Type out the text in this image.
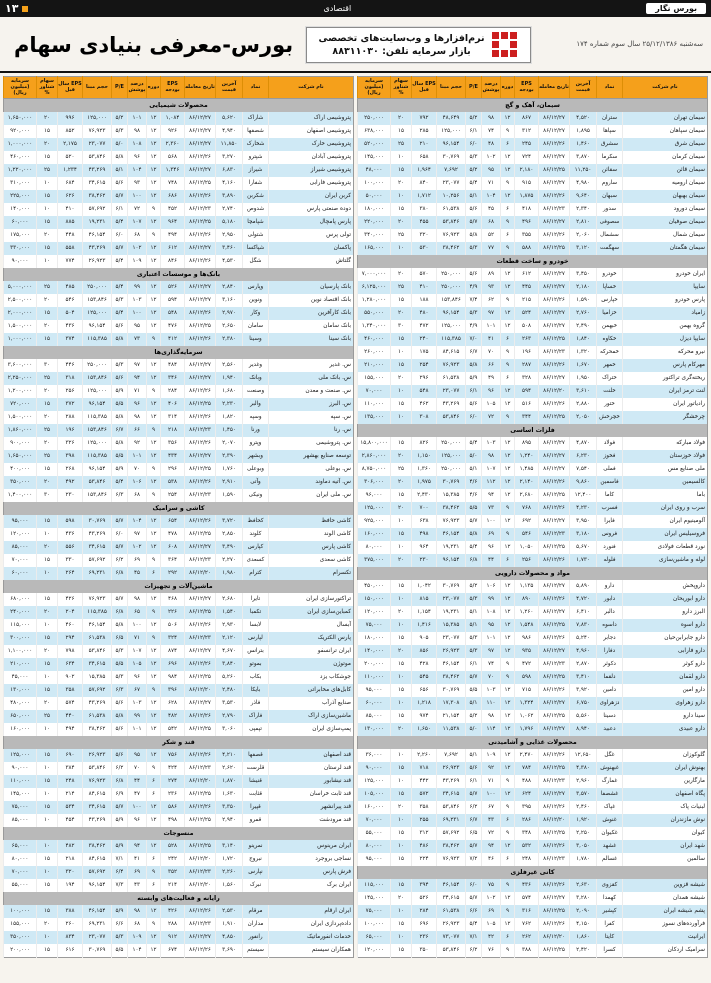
بورس نگار
اقتصادی
۱۳
سه‌شنبه ۲۵/۱۲/۱۳۸۶ سال سوم شماره ۱۷۴
نرم‌افزارها و وب‌سایت‌های تخصصی
بازار سرمایه تلفن: ۸۸۳۱۱۰۳۰
بورس-معرفی بنیادی سهام
نام شرکت	نماد	آخرین قیمت	تاریخ معامله	EPS بودجه	دوره	درصد پوشش	P/E	حجم مبنا	EPS سال قبل	سهام شناور %	سرمایه (میلیون ریال)
سیمان، آهک و گچ											
سیمان تهران	ستران	۴,۵۲۰	۸۶/۱۲/۲۷	۸۶۷	۱۲	۹۸	۵/۲	۴۸,۶۴۹	۷۹۲	۲۰	۲۵۰,۰۰۰
سیمان سپاهان	سپاها	۱,۸۹۵	۸۶/۱۲/۲۷	۳۱۲	۹	۷۴	۶/۱	۱۲۵,۰۰۰	۲۸۵	۱۵	۶۳۸,۰۰۰
سیمان شرق	سشرق	۱,۴۶۰	۸۶/۱۲/۲۶	۲۴۵	۶	۴۸	۶/۰	۹۶,۱۵۴	۲۱۰	۲۵	۵۲۰,۰۰۰
سیمان کرمان	سکرما	۳,۸۷۰	۸۶/۱۲/۲۷	۷۲۴	۱۲	۱۰۲	۵/۳	۳۰,۷۶۹	۶۵۸	۱۰	۱۴۵,۰۰۰
سیمان قائن	سقائن	۱۱,۲۵۰	۸۶/۱۲/۲۵	۲,۱۸۰	۱۲	۹۵	۵/۲	۷,۶۹۲	۱,۹۶۴	۱۵	۴۸,۰۰۰
سیمان ارومیه	ساروم	۴,۹۸۰	۸۶/۱۲/۲۷	۹۱۵	۹	۷۱	۵/۴	۲۳,۰۷۷	۸۴۰	۲۰	۱۰۰,۰۰۰
سیمان بهبهان	سبهان	۹,۶۴۰	۸۶/۱۲/۲۶	۱,۸۷۵	۱۲	۱۰۴	۵/۱	۱۰,۲۵۶	۱,۷۱۲	۱۰	۵۰,۰۰۰
سیمان دورود	سدور	۲,۳۴۰	۸۶/۱۲/۲۳	۴۱۸	۶	۴۵	۵/۶	۶۱,۵۳۸	۳۸۰	۱۵	۱۸۰,۰۰۰
سیمان صوفیان	سصوفی	۲,۸۱۰	۸۶/۱۲/۲۷	۴۹۶	۹	۶۸	۵/۷	۵۳,۸۴۶	۴۵۵	۲۰	۲۲۰,۰۰۰
سیمان شمال	سشمال	۲,۰۶۰	۸۶/۱۲/۲۶	۳۵۵	۶	۵۲	۵/۸	۷۶,۹۲۳	۳۲۰	۲۵	۳۴۰,۰۰۰
سیمان هگمتان	سهگمت	۳,۱۲۰	۸۶/۱۲/۲۵	۵۸۸	۹	۷۷	۵/۳	۳۸,۴۶۲	۵۳۰	۱۰	۱۶۵,۰۰۰
خودرو و ساخت قطعات											
ایران خودرو	خودرو	۳,۴۵۰	۸۶/۱۲/۲۷	۶۱۲	۱۲	۸۹	۵/۶	۲۵۰,۰۰۰	۵۷۰	۲۰	۷,۰۰۰,۰۰۰
سایپا	خساپا	۲,۱۸۰	۸۶/۱۲/۲۷	۴۴۵	۱۲	۹۳	۴/۹	۲۵۰,۰۰۰	۴۱۰	۲۵	۶,۱۲۵,۰۰۰
پارس خودرو	خپارس	۱,۵۹۰	۸۶/۱۲/۲۶	۲۱۵	۹	۶۲	۷/۴	۱۵۳,۸۴۶	۱۸۸	۱۵	۱,۲۸۰,۰۰۰
زامیاد	خزامیا	۲,۷۶۰	۸۶/۱۲/۲۷	۵۲۴	۱۲	۹۷	۵/۳	۹۶,۱۵۴	۴۸۰	۲۰	۵۵۰,۰۰۰
گروه بهمن	خبهمن	۲,۴۹۰	۸۶/۱۲/۲۷	۵۰۸	۱۲	۱۰۱	۴/۹	۱۲۵,۰۰۰	۴۷۲	۳۰	۱,۳۴۰,۰۰۰
سایپا دیزل	خکاوه	۱,۸۴۰	۸۶/۱۲/۲۵	۲۶۳	۶	۴۱	۷/۰	۱۱۵,۳۸۵	۲۴۰	۱۵	۴۶۰,۰۰۰
نیرو محرکه	خمحرکه	۱,۳۲۰	۸۶/۱۲/۲۳	۱۹۶	۹	۷۰	۶/۷	۸۴,۶۱۵	۱۷۵	۱۰	۲۶۰,۰۰۰
مهرکام پارس	خمهر	۱,۶۷۰	۸۶/۱۲/۲۶	۲۸۷	۹	۶۶	۵/۸	۷۶,۹۲۳	۲۵۴	۱۵	۲۱۰,۰۰۰
ریخته‌گری تراکتور	ختراک	۱,۹۵۰	۸۶/۱۲/۲۷	۳۲۸	۶	۴۹	۵/۹	۶۱,۵۳۸	۲۹۶	۲۰	۱۵۵,۰۰۰
لنت ترمز ایران	خلنت	۳,۶۱۰	۸۶/۱۲/۲۰	۵۹۴	۱۲	۹۶	۶/۱	۲۳,۰۷۷	۵۴۸	۱۰	۷۰,۰۰۰
رادیاتور ایران	ختور	۲,۸۸۰	۸۶/۱۲/۲۶	۵۱۶	۱۲	۱۰۵	۵/۶	۴۳,۲۶۹	۴۶۲	۱۵	۱۱۰,۰۰۰
چرخشگر	خچرخش	۲,۰۵۰	۸۶/۱۲/۲۵	۳۴۴	۹	۷۲	۶/۰	۵۳,۸۴۶	۳۰۸	۱۰	۱۳۵,۰۰۰
فلزات اساسی											
فولاد مبارکه	فولاد	۴,۸۷۰	۸۶/۱۲/۲۷	۸۹۵	۱۲	۱۰۳	۵/۴	۲۵۰,۰۰۰	۸۲۶	۱۵	۱۵,۸۰۰,۰۰۰
فولاد خوزستان	فخوز	۶,۲۳۰	۸۶/۱۲/۲۷	۱,۲۴۰	۱۲	۹۸	۵/۰	۱۲۵,۰۰۰	۱,۱۵۰	۲۰	۲,۸۶۰,۰۰۰
ملی صنایع مس	فملی	۷,۵۴۰	۸۶/۱۲/۲۷	۱,۴۸۵	۱۲	۱۰۷	۵/۱	۲۵۰,۰۰۰	۱,۳۶۰	۲۵	۸,۷۵۰,۰۰۰
کالسیمین	فاسمین	۹,۸۶۰	۸۶/۱۲/۲۶	۲,۱۴۰	۱۲	۱۱۲	۴/۶	۳۰,۷۶۹	۱,۹۷۵	۲۰	۳۰۶,۰۰۰
باما	کاما	۱۲,۴۰۰	۸۶/۱۲/۲۵	۲,۶۸۰	۱۲	۹۴	۴/۶	۱۵,۳۸۵	۲,۴۳۰	۱۵	۹۶,۰۰۰
سرب و روی ایران	فسرب	۴,۲۳۰	۸۶/۱۲/۲۶	۷۶۸	۹	۷۳	۵/۵	۳۸,۴۶۲	۷۰۰	۲۰	۱۲۵,۰۰۰
آلومینیوم ایران	فایرا	۳,۹۵۰	۸۶/۱۲/۲۷	۶۹۲	۱۲	۱۰۰	۵/۷	۷۶,۹۲۳	۶۳۸	۱۰	۹۲۵,۰۰۰
فروسیلیس ایران	فروس	۳,۱۸۰	۸۶/۱۲/۲۳	۵۴۶	۹	۶۹	۵/۸	۴۶,۱۵۴	۴۹۸	۱۵	۱۶۰,۰۰۰
نورد قطعات فولادی	فنورد	۵,۶۷۰	۸۶/۱۲/۲۵	۱,۰۵۰	۱۲	۹۶	۵/۴	۱۹,۲۳۱	۹۶۴	۱۰	۸۰,۰۰۰
لوله و ماشین‌سازی	فلوله	۱,۷۳۰	۸۶/۱۲/۲۶	۲۵۶	۶	۴۴	۶/۸	۹۶,۱۵۴	۲۳۰	۲۰	۳۷۵,۰۰۰
مواد و محصولات دارویی											
داروپخش	دارو	۵,۸۹۰	۸۶/۱۲/۲۷	۱,۱۳۵	۱۲	۱۰۶	۵/۲	۳۰,۷۶۹	۱,۰۴۲	۱۵	۴۵۰,۰۰۰
دارو ابوریحان	دابور	۴,۷۲۰	۸۶/۱۲/۲۶	۸۹۰	۱۲	۹۹	۵/۳	۲۳,۰۷۷	۸۱۵	۱۰	۱۵۰,۰۰۰
البرز دارو	دالبر	۶,۴۱۰	۸۶/۱۲/۲۷	۱,۲۶۰	۱۲	۱۰۸	۵/۱	۱۹,۲۳۱	۱,۱۵۴	۲۰	۱۲۰,۰۰۰
دارو اسوه	داسوه	۷,۸۳۰	۸۶/۱۲/۲۵	۱,۵۴۸	۱۲	۹۵	۵/۱	۱۵,۳۸۵	۱,۴۱۶	۱۰	۷۵,۰۰۰
دارو جابرابن‌حیان	دجابر	۵,۲۴۰	۸۶/۱۲/۲۶	۹۸۶	۱۲	۱۰۱	۵/۳	۲۳,۰۷۷	۹۰۵	۱۵	۱۸۰,۰۰۰
دارو فارابی	دفارا	۴,۹۶۰	۸۶/۱۲/۲۷	۹۳۵	۱۲	۹۷	۵/۳	۲۶,۹۲۳	۸۵۶	۲۰	۱۴۰,۰۰۰
دارو کوثر	دکوثر	۲,۸۷۰	۸۶/۱۲/۲۳	۴۷۲	۹	۷۴	۶/۱	۴۶,۱۵۴	۴۲۸	۱۵	۲۰۰,۰۰۰
دارو لقمان	دلقما	۳,۴۱۰	۸۶/۱۲/۲۵	۵۹۸	۹	۷۰	۵/۷	۳۸,۴۶۲	۵۴۵	۱۰	۱۱۰,۰۰۰
دارو امین	دامین	۳,۹۲۰	۸۶/۱۲/۲۶	۷۱۵	۱۲	۱۰۳	۵/۵	۳۰,۷۶۹	۶۵۶	۱۵	۹۵,۰۰۰
دارو زهراوی	دزهراوی	۶,۷۵۰	۸۶/۱۲/۲۷	۱,۳۲۴	۱۲	۱۱۰	۵/۱	۱۷,۳۰۸	۱,۲۱۸	۱۰	۶۰,۰۰۰
سینا دارو	دسینا	۵,۵۶۰	۸۶/۱۲/۲۵	۱,۰۶۲	۱۲	۹۸	۵/۲	۲۱,۱۵۴	۹۷۴	۱۵	۸۵,۰۰۰
دارو عبیدی	دعبید	۸,۹۴۰	۸۶/۱۲/۲۷	۱,۷۹۶	۱۲	۱۱۴	۵/۰	۱۱,۵۳۸	۱,۶۵۰	۲۰	۱۳۰,۰۰۰
محصولات غذایی و آشامیدنی											
گلوکوزان	غگل	۱۲,۶۵۰	۸۶/۱۲/۲۶	۲,۴۷۰	۱۲	۱۰۹	۵/۱	۷,۶۹۲	۲,۲۶۰	۱۰	۳۶,۰۰۰
بهنوش ایران	غبهنوش	۴,۳۸۰	۸۶/۱۲/۲۵	۷۸۴	۱۲	۹۲	۵/۶	۲۶,۹۲۳	۷۱۸	۱۵	۹۰,۰۰۰
مارگارین	غمارگ	۲,۹۶۰	۸۶/۱۲/۲۳	۴۸۸	۹	۷۱	۶/۱	۴۳,۲۶۹	۴۴۲	۱۰	۱۲۵,۰۰۰
پگاه اصفهان	غشصفا	۳,۵۷۰	۸۶/۱۲/۲۷	۶۲۴	۱۲	۱۰۰	۵/۷	۳۴,۶۱۵	۵۷۲	۱۵	۱۰۵,۰۰۰
لبنیات پاک	غپاک	۲,۴۶۰	۸۶/۱۲/۲۶	۳۹۵	۹	۶۷	۶/۲	۵۳,۸۴۶	۳۵۸	۲۰	۱۶۰,۰۰۰
نوش مازندران	غنوش	۱,۹۲۰	۸۶/۱۲/۲۰	۲۸۶	۶	۴۳	۶/۷	۶۹,۲۳۱	۲۵۵	۱۰	۷۰,۰۰۰
کیوان	غکیوان	۲,۲۵۰	۸۶/۱۲/۲۵	۳۴۸	۹	۷۲	۶/۵	۵۷,۶۹۲	۳۱۲	۱۵	۵۵,۰۰۰
شهد ایران	غشهد	۳,۰۵۰	۸۶/۱۲/۲۶	۵۳۲	۱۲	۹۴	۵/۷	۳۸,۴۶۲	۴۸۶	۱۰	۸۰,۰۰۰
سالمین	غسالم	۱,۷۸۰	۸۶/۱۲/۲۳	۲۴۸	۶	۴۶	۷/۲	۷۶,۹۲۳	۲۲۴	۱۵	۹۵,۰۰۰
کانی غیرفلزی											
شیشه قزوین	کقزوی	۲,۶۳۰	۸۶/۱۲/۲۶	۴۳۶	۹	۷۵	۶/۰	۴۶,۱۵۴	۳۹۴	۱۵	۱۱۵,۰۰۰
شیشه همدان	کهمدا	۳,۲۸۰	۸۶/۱۲/۲۷	۵۷۴	۱۲	۱۰۲	۵/۷	۳۴,۶۱۵	۵۲۶	۲۰	۱۴۵,۰۰۰
پشم شیشه ایران	کپشیر	۲,۰۹۰	۸۶/۱۲/۲۵	۳۱۶	۹	۶۹	۶/۶	۶۱,۵۳۸	۲۸۴	۱۰	۷۵,۰۰۰
فرآورده‌های نسوز	کفرا	۴,۱۵۰	۸۶/۱۲/۲۶	۷۶۲	۱۲	۱۰۵	۵/۴	۲۶,۹۲۳	۶۹۶	۱۵	۱۰۰,۰۰۰
ایرانیت	کایتا	۱,۸۶۰	۸۶/۱۲/۲۰	۲۶۲	۶	۴۲	۷/۱	۷۳,۰۷۷	۲۳۶	۱۰	۶۵,۰۰۰
سرامیک اردکان	کسرا	۲,۴۲۰	۸۶/۱۲/۲۵	۳۸۸	۹	۷۶	۶/۲	۵۳,۸۴۶	۳۵۰	۱۵	۱۲۰,۰۰۰
نام شرکت	نماد	آخرین قیمت	تاریخ معامله	EPS بودجه	دوره	درصد پوشش	P/E	حجم مبنا	EPS سال قبل	سهام شناور %	سرمایه (میلیون ریال)
محصولات شیمیایی											
پتروشیمی اراک	شاراک	۵,۶۲۰	۸۶/۱۲/۲۷	۱,۰۸۴	۱۲	۱۰۱	۵/۲	۱۲۵,۰۰۰	۹۹۶	۲۰	۱,۶۵۰,۰۰۰
پتروشیمی اصفهان	شصفها	۴,۹۴۰	۸۶/۱۲/۲۷	۹۲۶	۱۲	۹۸	۵/۳	۷۶,۹۲۳	۸۵۲	۱۵	۹۲۰,۰۰۰
پتروشیمی خارک	شخارک	۱۱,۸۵۰	۸۶/۱۲/۲۷	۲,۳۶۰	۱۲	۱۰۸	۵/۰	۲۳,۰۷۷	۲,۱۷۵	۲۰	۱,۰۰۰,۰۰۰
پتروشیمی آبادان	شپترو	۳,۲۷۰	۸۶/۱۲/۲۶	۵۶۸	۱۲	۹۶	۵/۸	۵۳,۸۴۶	۵۲۰	۱۵	۴۶۰,۰۰۰
پتروشیمی شیراز	شیراز	۶,۸۳۰	۸۶/۱۲/۲۷	۱,۳۴۶	۱۲	۱۰۴	۵/۱	۴۳,۲۶۹	۱,۲۳۴	۲۵	۱,۲۲۰,۰۰۰
پتروشیمی فارابی	شفارا	۴,۱۶۰	۸۶/۱۲/۲۵	۷۴۸	۱۲	۹۳	۵/۶	۳۴,۶۱۵	۶۸۴	۱۰	۳۱۰,۰۰۰
کربن ایران	شکربن	۳,۸۹۰	۸۶/۱۲/۲۶	۶۸۶	۱۲	۱۰۰	۵/۷	۳۸,۴۶۲	۶۲۶	۱۵	۲۲۵,۰۰۰
دوده صنعتی پارس	شدوص	۲,۷۴۰	۸۶/۱۲/۲۳	۴۵۲	۹	۷۲	۶/۱	۵۷,۶۹۲	۴۱۰	۱۰	۱۴۰,۰۰۰
پارس پامچال	شپامچا	۵,۱۸۰	۸۶/۱۲/۲۵	۹۶۴	۱۲	۱۰۷	۵/۴	۱۹,۲۳۱	۸۸۵	۱۵	۶۰,۰۰۰
تولی پرس	شتولی	۲,۹۵۰	۸۶/۱۲/۲۶	۴۹۴	۹	۶۸	۶/۰	۴۶,۱۵۴	۴۴۸	۲۰	۱۷۵,۰۰۰
پاکسان	شپاکسا	۳,۴۶۰	۸۶/۱۲/۲۷	۶۱۲	۱۲	۱۰۲	۵/۷	۴۳,۲۶۹	۵۵۸	۱۵	۳۳۰,۰۰۰
گلتاش	شگل	۴,۵۳۰	۸۶/۱۲/۲۶	۸۴۶	۱۲	۱۰۹	۵/۴	۲۶,۹۲۳	۷۷۴	۱۰	۹۰,۰۰۰
بانک‌ها و موسسات اعتباری											
بانک پارسیان	وپارس	۲,۸۴۰	۸۶/۱۲/۲۷	۵۲۶	۱۲	۹۹	۵/۴	۲۵۰,۰۰۰	۴۸۵	۲۵	۵,۰۰۰,۰۰۰
بانک اقتصاد نوین	ونوین	۳,۱۶۰	۸۶/۱۲/۲۷	۵۹۴	۱۲	۱۰۳	۵/۳	۱۵۳,۸۴۶	۵۴۶	۲۰	۲,۵۰۰,۰۰۰
بانک کارآفرین	وکار	۲,۹۷۰	۸۶/۱۲/۲۶	۵۴۸	۱۲	۱۰۰	۵/۴	۱۲۵,۰۰۰	۵۰۴	۱۵	۲,۰۰۰,۰۰۰
بانک سامان	سامان	۲,۶۵۰	۸۶/۱۲/۲۵	۴۷۶	۱۲	۹۵	۵/۶	۹۶,۱۵۴	۴۳۶	۲۰	۱,۵۰۰,۰۰۰
بانک سینا	وسینا	۲,۳۸۰	۸۶/۱۲/۲۶	۴۱۲	۹	۷۳	۵/۸	۱۱۵,۳۸۵	۳۷۴	۱۵	۱,۰۰۰,۰۰۰
سرمایه‌گذاری‌ها											
س. غدیر	وغدیر	۲,۵۶۰	۸۶/۱۲/۲۷	۴۸۴	۱۲	۹۷	۵/۳	۲۵۰,۰۰۰	۴۴۶	۳۰	۳,۶۰۰,۰۰۰
س. بانک ملی	وبانک	۱,۹۴۰	۸۶/۱۲/۲۷	۳۴۶	۱۲	۹۴	۵/۶	۱۵۳,۸۴۶	۳۱۸	۲۵	۲,۲۵۰,۰۰۰
س. صنعت و معدن	وصنعت	۱,۶۸۰	۸۶/۱۲/۲۶	۲۸۴	۹	۷۱	۵/۹	۱۲۵,۰۰۰	۲۵۶	۲۰	۱,۲۰۰,۰۰۰
س. البرز	والبر	۲,۲۳۰	۸۶/۱۲/۲۵	۴۰۶	۱۲	۹۶	۵/۵	۹۶,۱۵۴	۳۷۲	۱۵	۷۲۰,۰۰۰
س. سپه	وسپه	۱,۸۲۰	۸۶/۱۲/۲۶	۳۱۴	۱۲	۹۸	۵/۸	۱۱۵,۳۸۵	۲۸۸	۲۰	۱,۵۰۰,۰۰۰
س. رنا	ورنا	۱,۴۵۰	۸۶/۱۲/۲۳	۲۱۸	۹	۶۶	۶/۷	۱۵۳,۸۴۶	۱۹۶	۲۵	۱,۸۶۰,۰۰۰
س. پتروشیمی	وپترو	۲,۰۷۰	۸۶/۱۲/۲۶	۳۵۶	۱۲	۹۲	۵/۸	۱۲۵,۰۰۰	۳۲۶	۲۰	۹۰۰,۰۰۰
توسعه صنایع بهشهر	وبشهر	۲,۳۹۰	۸۶/۱۲/۲۷	۴۳۴	۱۲	۱۰۱	۵/۵	۱۱۵,۳۸۵	۳۹۸	۲۵	۱,۶۵۰,۰۰۰
س. بوعلی	وبوعلی	۱,۷۶۰	۸۶/۱۲/۲۵	۲۹۶	۹	۷۰	۵/۹	۹۶,۱۵۴	۲۶۸	۱۵	۴۰۰,۰۰۰
س. آتیه دماوند	وآتی	۲,۹۱۰	۸۶/۱۲/۲۶	۵۳۸	۱۲	۱۰۶	۵/۴	۵۳,۸۴۶	۴۹۲	۲۰	۳۵۰,۰۰۰
س. ملی ایران	ونیکی	۱,۵۹۰	۸۶/۱۲/۲۳	۲۵۴	۹	۶۸	۶/۳	۱۵۳,۸۴۶	۲۳۰	۳۰	۱,۴۰۰,۰۰۰
کاشی و سرامیک											
کاشی حافظ	کحافظ	۳,۷۲۰	۸۶/۱۲/۲۶	۶۵۴	۱۲	۱۰۴	۵/۷	۳۰,۷۶۹	۵۹۸	۱۵	۹۵,۰۰۰
کاشی الوند	کلوند	۲,۸۵۰	۸۶/۱۲/۲۵	۴۷۸	۱۲	۹۷	۶/۰	۴۳,۲۶۹	۴۳۶	۱۰	۱۲۰,۰۰۰
کاشی پارس	کپارس	۳,۴۹۰	۸۶/۱۲/۲۷	۶۰۸	۱۲	۱۰۲	۵/۷	۳۴,۶۱۵	۵۵۶	۲۰	۸۵,۰۰۰
کاشی سعدی	کسعدی	۲,۲۷۰	۸۶/۱۲/۲۳	۳۶۴	۹	۶۹	۶/۲	۵۷,۶۹۲	۳۳۰	۱۵	۷۰,۰۰۰
تکسرام	کترام	۱,۹۸۰	۸۶/۱۲/۲۰	۲۹۲	۶	۴۵	۶/۸	۶۹,۲۳۱	۲۶۴	۱۰	۶۰,۰۰۰
ماشین‌آلات و تجهیزات											
تراکتورسازی ایران	تایرا	۲,۶۸۰	۸۶/۱۲/۲۷	۴۶۸	۱۲	۹۸	۵/۷	۷۶,۹۲۳	۴۲۶	۱۵	۶۸۰,۰۰۰
کمباین‌سازی ایران	تکمبا	۱,۵۴۰	۸۶/۱۲/۲۵	۲۲۶	۹	۶۵	۶/۸	۱۱۵,۳۸۵	۲۰۴	۲۰	۲۴۰,۰۰۰
آبسال	لابسا	۲,۹۳۰	۸۶/۱۲/۲۶	۵۰۶	۱۲	۱۰۰	۵/۸	۴۶,۱۵۴	۴۶۰	۱۰	۱۱۵,۰۰۰
پارس الکتریک	لپارس	۲,۱۲۰	۸۶/۱۲/۲۳	۳۲۴	۹	۷۱	۶/۵	۶۱,۵۳۸	۲۹۴	۱۵	۳۰۰,۰۰۰
ایران ترانسفو	بترانس	۴,۶۷۰	۸۶/۱۲/۲۷	۸۷۴	۱۲	۱۰۷	۵/۳	۵۳,۸۴۶	۷۹۸	۲۰	۱,۱۰۰,۰۰۰
موتوژن	بموتو	۳,۸۴۰	۸۶/۱۲/۲۶	۶۹۶	۱۲	۱۰۵	۵/۵	۳۴,۶۱۵	۶۳۴	۱۵	۲۱۰,۰۰۰
جوشکاب یزد	بکاب	۵,۲۶۰	۸۶/۱۲/۲۵	۹۸۴	۱۲	۹۶	۵/۳	۱۵,۳۸۵	۹۰۲	۱۰	۴۵,۰۰۰
کابل‌های مخابراتی	بایکا	۲,۴۸۰	۸۶/۱۲/۲۰	۳۹۶	۹	۶۷	۶/۳	۵۷,۶۹۲	۳۵۸	۱۵	۱۳۰,۰۰۰
صنایع آذرآب	فاذر	۳,۵۳۰	۸۶/۱۲/۲۷	۶۲۸	۱۲	۱۰۳	۵/۶	۴۳,۲۶۹	۵۷۴	۲۰	۴۸۰,۰۰۰
ماشین‌سازی اراک	فاراک	۲,۷۹۰	۸۶/۱۲/۲۶	۴۸۲	۱۲	۹۹	۵/۸	۶۱,۵۳۸	۴۴۰	۲۵	۶۵۰,۰۰۰
پمپ‌سازی ایران	تپمپی	۳,۰۶۰	۸۶/۱۲/۲۵	۵۴۲	۱۲	۱۰۱	۵/۶	۳۸,۴۶۲	۴۹۴	۱۰	۱۶۰,۰۰۰
قند و شکر											
قند اصفهان	قصفها	۴,۲۱۰	۸۶/۱۲/۲۶	۷۵۶	۱۲	۹۵	۵/۶	۲۶,۹۲۳	۶۹۰	۱۵	۱۲۵,۰۰۰
قند لرستان	قلرست	۲,۶۲۰	۸۶/۱۲/۲۳	۴۲۴	۹	۷۰	۶/۲	۵۳,۸۴۶	۳۸۴	۱۰	۹۰,۰۰۰
قند نیشابور	قنیشا	۱,۸۷۰	۸۶/۱۲/۲۰	۲۷۴	۶	۴۴	۶/۸	۷۶,۹۲۳	۲۴۸	۱۵	۱۱۰,۰۰۰
قند ثابت خراسان	قثابت	۱,۶۳۰	۸۶/۱۲/۲۵	۲۳۶	۶	۴۷	۶/۹	۸۴,۶۱۵	۲۱۴	۱۰	۱۴۵,۰۰۰
قند پیرانشهر	قپیرا	۳,۳۵۰	۸۶/۱۲/۲۶	۵۸۶	۱۲	۱۰۰	۵/۷	۳۴,۶۱۵	۵۳۴	۱۵	۷۵,۰۰۰
قند مرودشت	قمرو	۲,۹۴۰	۸۶/۱۲/۲۵	۴۹۸	۱۲	۹۶	۵/۹	۴۳,۲۶۹	۴۵۴	۱۰	۸۵,۰۰۰
منسوجات											
ایران مرینوس	نمرینو	۳,۱۴۰	۸۶/۱۲/۲۵	۵۲۸	۱۲	۹۴	۵/۹	۳۸,۴۶۲	۴۸۲	۱۰	۶۵,۰۰۰
نساجی بروجرد	نبروج	۱,۷۲۰	۸۶/۱۲/۲۰	۲۴۲	۶	۴۱	۷/۱	۸۴,۶۱۵	۲۱۸	۱۵	۸۰,۰۰۰
فرش پارس	نپارس	۲,۲۶۰	۸۶/۱۲/۲۳	۳۵۲	۹	۶۹	۶/۴	۵۷,۶۹۲	۳۲۰	۱۰	۷۰,۰۰۰
ایران برک	نبرک	۱,۵۶۰	۸۶/۱۲/۲۰	۲۱۴	۶	۴۳	۷/۳	۹۶,۱۵۴	۱۹۴	۱۵	۵۵,۰۰۰
رایانه و فعالیت‌های وابسته											
ایران ارقام	مرقام	۲,۵۳۰	۸۶/۱۲/۲۶	۴۲۶	۱۲	۹۸	۵/۹	۴۶,۱۵۴	۳۸۸	۱۵	۱۰۰,۰۰۰
داده‌پردازی ایران	مداران	۱,۹۱۰	۸۶/۱۲/۲۳	۲۸۸	۹	۶۸	۶/۶	۶۹,۲۳۱	۲۶۰	۲۰	۱۵۵,۰۰۰
خدمات انفورماتیک	رانفور	۴,۸۵۰	۸۶/۱۲/۲۷	۹۱۲	۱۲	۱۰۹	۵/۳	۲۳,۰۷۷	۸۳۴	۱۰	۳۵۰,۰۰۰
همکاران سیستم	سیستم	۳,۶۹۰	۸۶/۱۲/۲۶	۶۷۴	۱۲	۱۰۴	۵/۵	۳۰,۷۶۹	۶۱۶	۱۵	۲۰۰,۰۰۰
